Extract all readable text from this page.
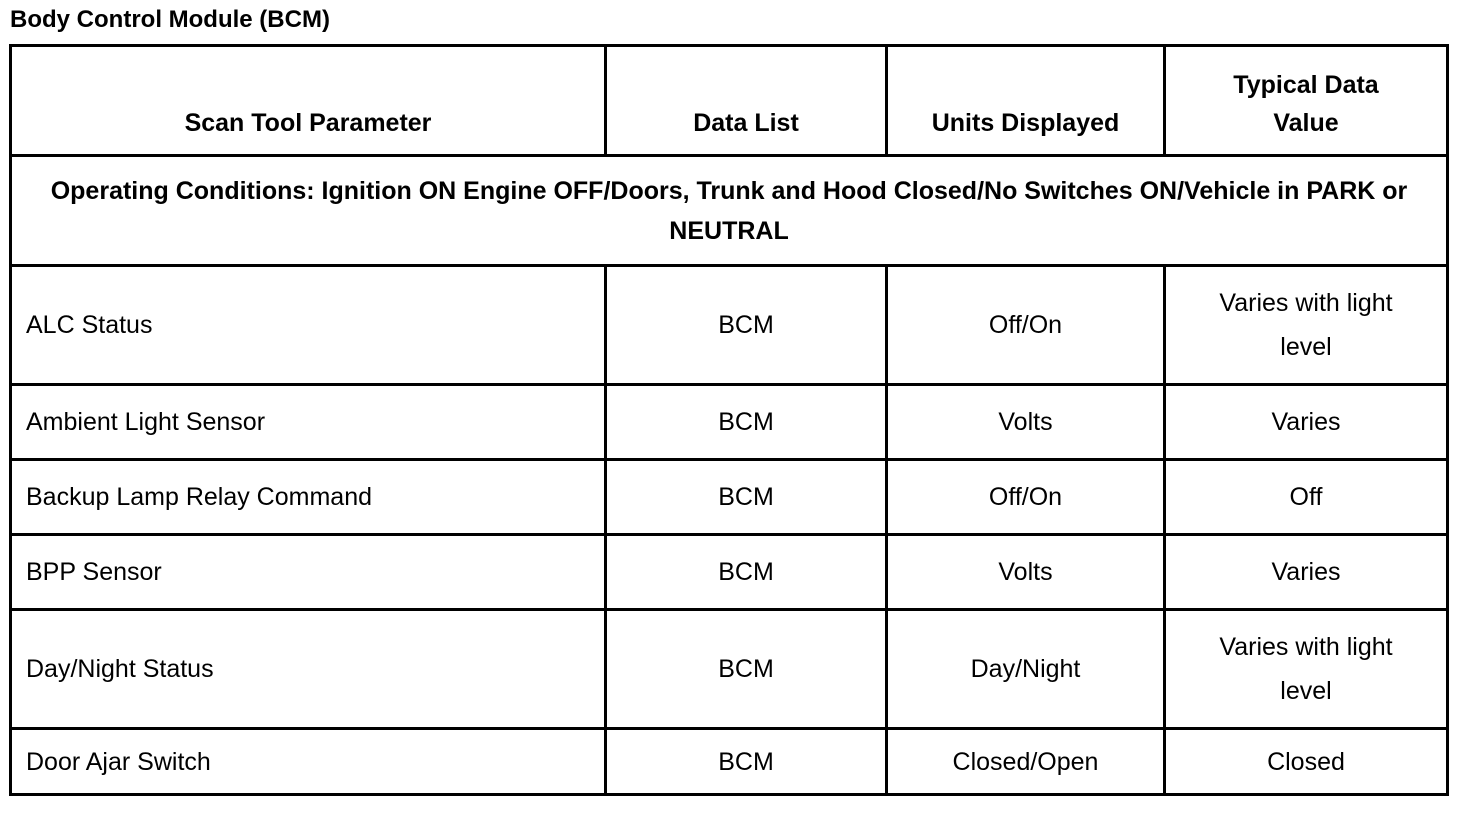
Body Control Module (BCM)
Scan Tool Parameter	Data List	Units Displayed	Typical Data Value
Operating Conditions: Ignition ON Engine OFF/Doors, Trunk and Hood Closed/No Switches ON/Vehicle in PARK or NEUTRAL			
ALC Status	BCM	Off/On	Varies with light level
Ambient Light Sensor	BCM	Volts	Varies
Backup Lamp Relay Command	BCM	Off/On	Off
BPP Sensor	BCM	Volts	Varies
Day/Night Status	BCM	Day/Night	Varies with light level
Door Ajar Switch	BCM	Closed/Open	Closed
